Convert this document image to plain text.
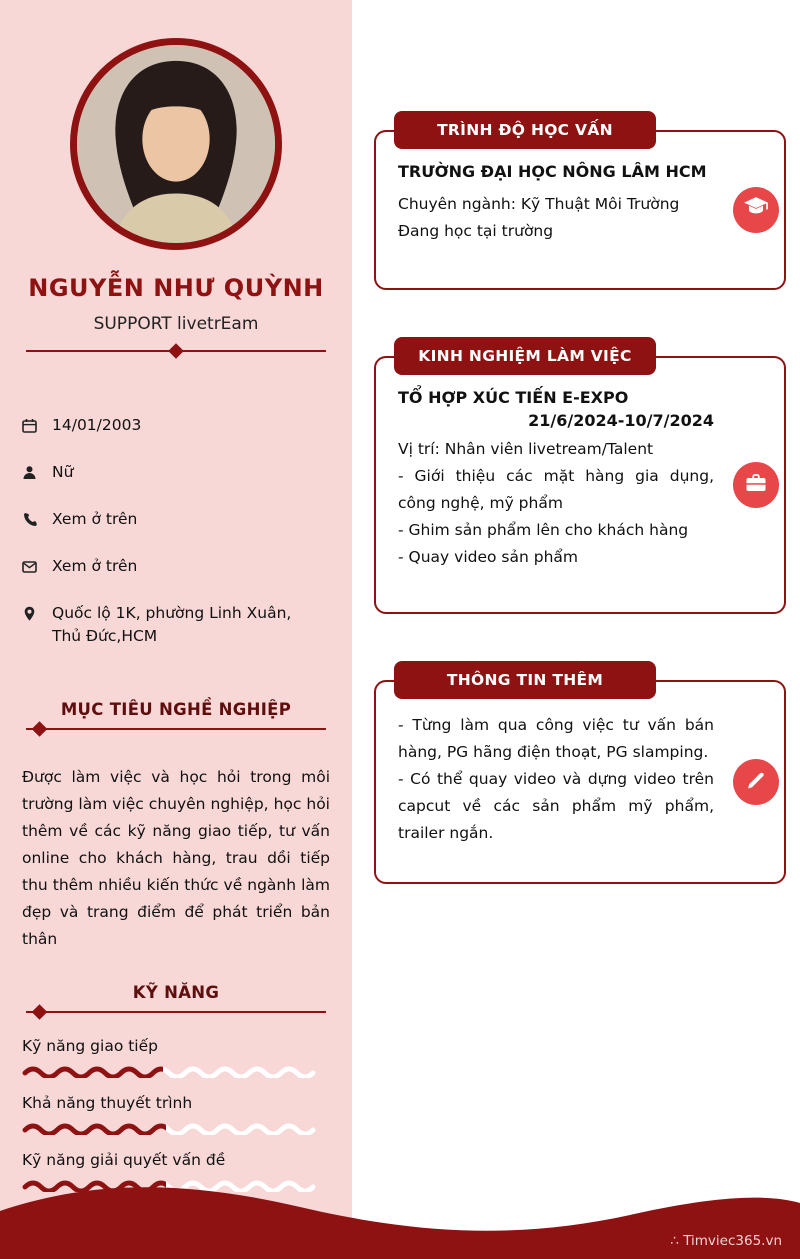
NGUYỄN NHƯ QUỲNH
SUPPORT livetrEam
14/01/2003
Nữ
Xem ở trên
Xem ở trên
Quốc lộ 1K, phường Linh Xuân, Thủ Đức,HCM
MỤC TIÊU NGHỀ NGHIỆP
Được làm việc và học hỏi trong môi trường làm việc chuyên nghiệp, học hỏi thêm về các kỹ năng giao tiếp, tư vấn online cho khách hàng, trau dồi tiếp thu thêm nhiều kiến thức về ngành làm đẹp và trang điểm để phát triển bản thân
KỸ NĂNG
Kỹ năng giao tiếp
Khả năng thuyết trình
Kỹ năng giải quyết vấn đề
TRÌNH ĐỘ HỌC VẤN
TRƯỜNG ĐẠI HỌC NÔNG LÂM HCM
Chuyên ngành: Kỹ Thuật Môi Trường
Đang học tại trường
KINH NGHIỆM LÀM VIỆC
TỔ HỢP XÚC TIẾN E-EXPO
21/6/2024-10/7/2024
Vị trí: Nhân viên livetream/Talent
- Giới thiệu các mặt hàng gia dụng, công nghệ, mỹ phẩm
- Ghim sản phẩm lên cho khách hàng
- Quay video sản phẩm
THÔNG TIN THÊM

- Từng làm qua công việc tư vấn bán hàng, PG hãng điện thoạt, PG slamping.

- Có thể quay video và dựng video trên capcut về các sản phẩm mỹ phẩm, trailer ngắn.

∴ Timviec365.vn
